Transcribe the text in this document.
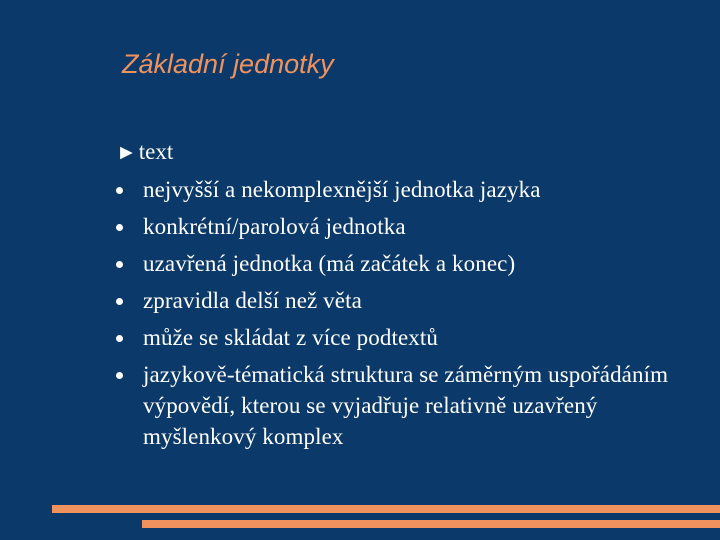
Základní jednotky
► text
nejvyšší a nekomplexnější jednotka jazyka
konkrétní/parolová jednotka
uzavřená jednotka (má začátek a konec)
zpravidla delší než věta
může se skládat z více podtextů
jazykově-tématická struktura se záměrným uspořádáním výpovědí, kterou se vyjadřuje relativně uzavřený myšlenkový komplex
